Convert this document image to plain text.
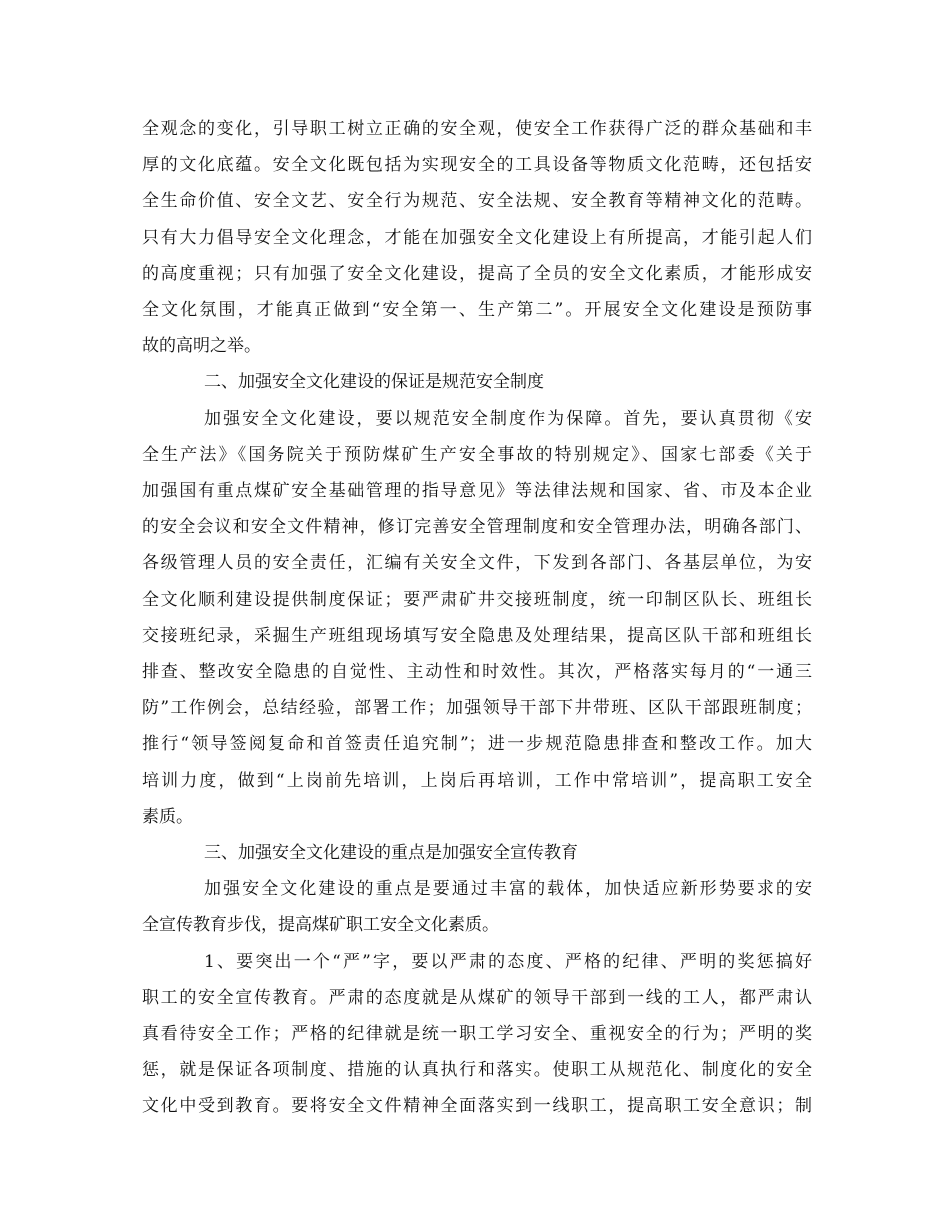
全观念的变化，引导职工树立正确的安全观，使安全工作获得广泛的群众基础和丰
厚的文化底蕴。安全文化既包括为实现安全的工具设备等物质文化范畴，还包括安
全生命价值、安全文艺、安全行为规范、安全法规、安全教育等精神文化的范畴。
只有大力倡导安全文化理念，才能在加强安全文化建设上有所提高，才能引起人们
的高度重视；只有加强了安全文化建设，提高了全员的安全文化素质，才能形成安
全文化氛围，才能真正做到“安全第一、生产第二”。开展安全文化建设是预防事
故的高明之举。
二、加强安全文化建设的保证是规范安全制度
加强安全文化建设，要以规范安全制度作为保障。首先，要认真贯彻《安
全生产法》《国务院关于预防煤矿生产安全事故的特别规定》、国家七部委《关于
加强国有重点煤矿安全基础管理的指导意见》等法律法规和国家、省、市及本企业
的安全会议和安全文件精神，修订完善安全管理制度和安全管理办法，明确各部门、
各级管理人员的安全责任，汇编有关安全文件，下发到各部门、各基层单位，为安
全文化顺利建设提供制度保证；要严肃矿井交接班制度，统一印制区队长、班组长
交接班纪录，采掘生产班组现场填写安全隐患及处理结果，提高区队干部和班组长
排查、整改安全隐患的自觉性、主动性和时效性。其次，严格落实每月的“一通三
防”工作例会，总结经验，部署工作；加强领导干部下井带班、区队干部跟班制度；
推行“领导签阅复命和首签责任追究制”；进一步规范隐患排查和整改工作。加大
培训力度，做到“上岗前先培训，上岗后再培训，工作中常培训”，提高职工安全
素质。
三、加强安全文化建设的重点是加强安全宣传教育
加强安全文化建设的重点是要通过丰富的载体，加快适应新形势要求的安
全宣传教育步伐，提高煤矿职工安全文化素质。
1、要突出一个“严”字，要以严肃的态度、严格的纪律、严明的奖惩搞好
职工的安全宣传教育。严肃的态度就是从煤矿的领导干部到一线的工人，都严肃认
真看待安全工作；严格的纪律就是统一职工学习安全、重视安全的行为；严明的奖
惩，就是保证各项制度、措施的认真执行和落实。使职工从规范化、制度化的安全
文化中受到教育。要将安全文件精神全面落实到一线职工，提高职工安全意识；制
